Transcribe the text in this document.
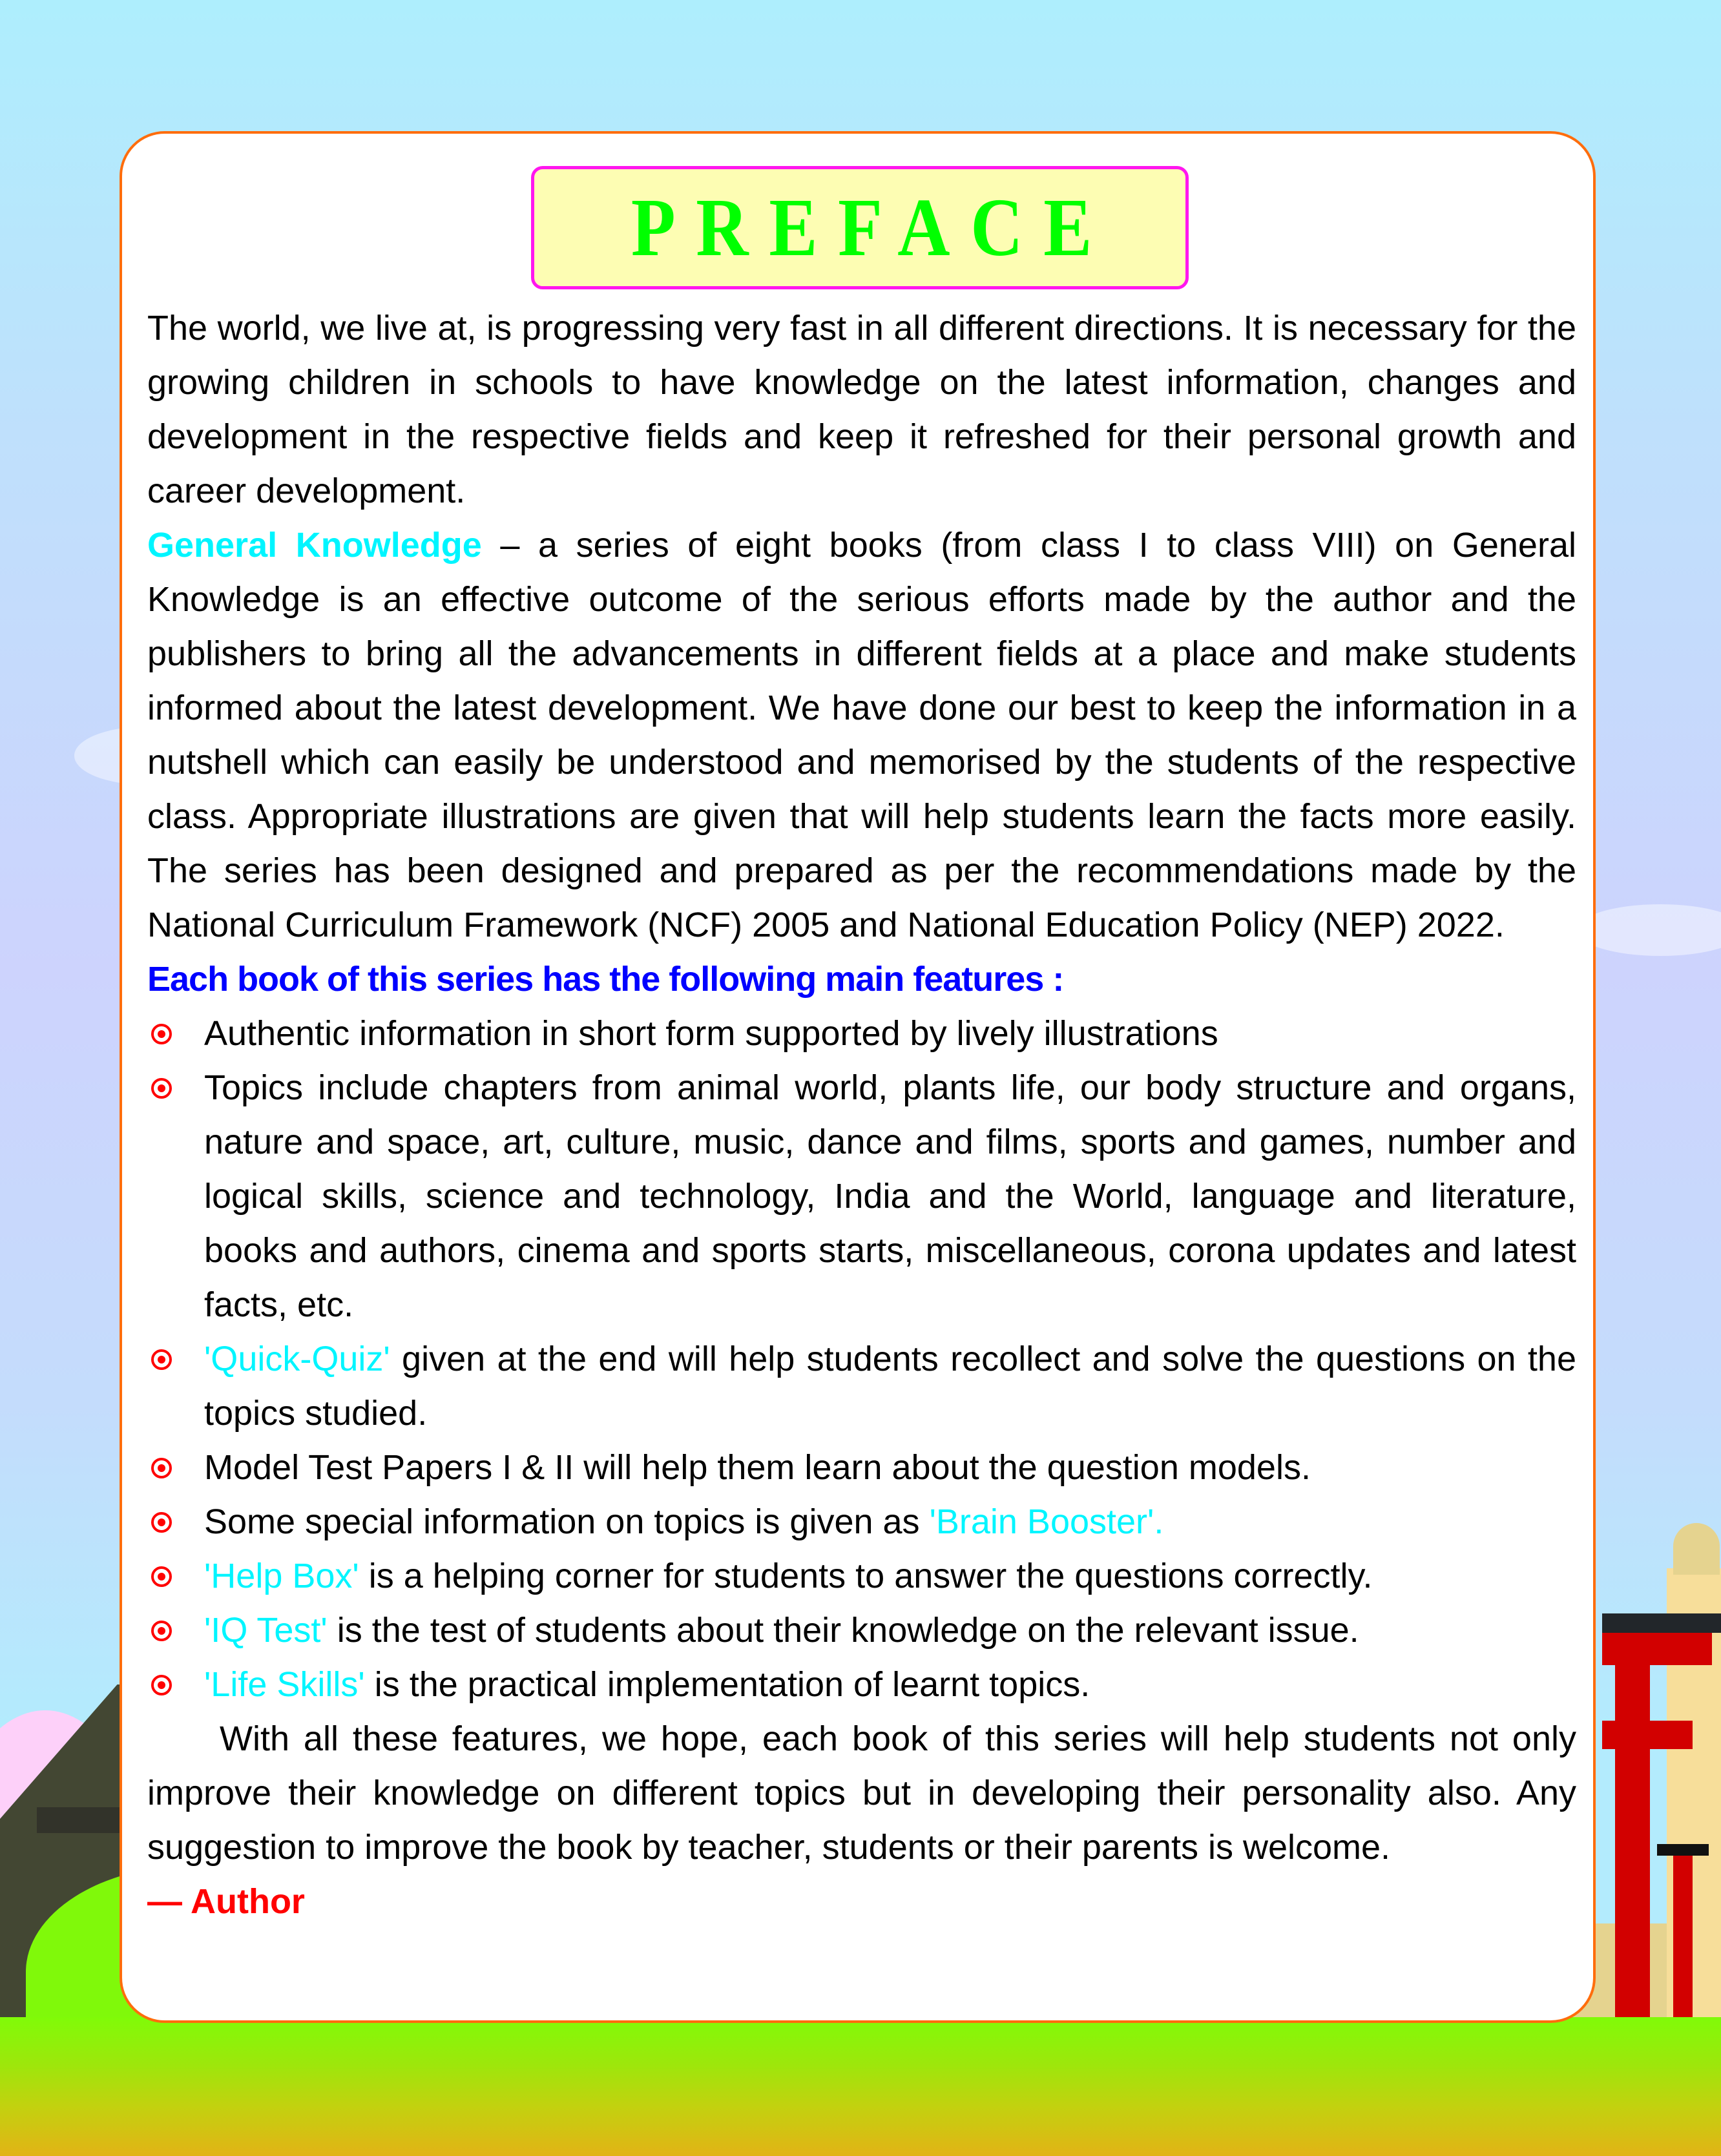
PREFACE

The world, we live at, is progressing very fast in all different directions. It is necessary for the growing children in schools to have knowledge on the latest information, changes and development in the respective fields and keep it refreshed for their personal growth and career development.

General Knowledge – a series of eight books (from class I to class VIII) on General Knowledge is an effective outcome of the serious efforts made by the author and the publishers to bring all the advancements in different fields at a place and make students informed about the latest development. We have done our best to keep the information in a nutshell which can easily be understood and memorised by the students of the respective class. Appropriate illustrations are given that will help students learn the facts more easily. The series has been designed and prepared as per the recommendations made by the National Curriculum Framework (NCF) 2005 and National Education Policy (NEP) 2022.

Each book of this series has the following main features :

Authentic information in short form supported by lively illustrations
Topics include chapters from animal world, plants life, our body structure and organs, nature and space, art, culture, music, dance and films, sports and games, number and logical skills, science and technology, India and the World, language and literature, books and authors, cinema and sports starts, miscellaneous, corona updates and latest facts, etc.
'Quick-Quiz' given at the end will help students recollect and solve the questions on the topics studied.
Model Test Papers I & II will help them learn about the question models.
Some special information on topics is given as 'Brain Booster'.
'Help Box' is a helping corner for students to answer the questions correctly.
'IQ Test' is the test of students about their knowledge on the relevant issue.
'Life Skills' is the practical implementation of learnt topics.

With all these features, we hope, each book of this series will help students not only improve their knowledge on different topics but in developing their personality also. Any suggestion to improve the book by teacher, students or their parents is welcome.

— Author
